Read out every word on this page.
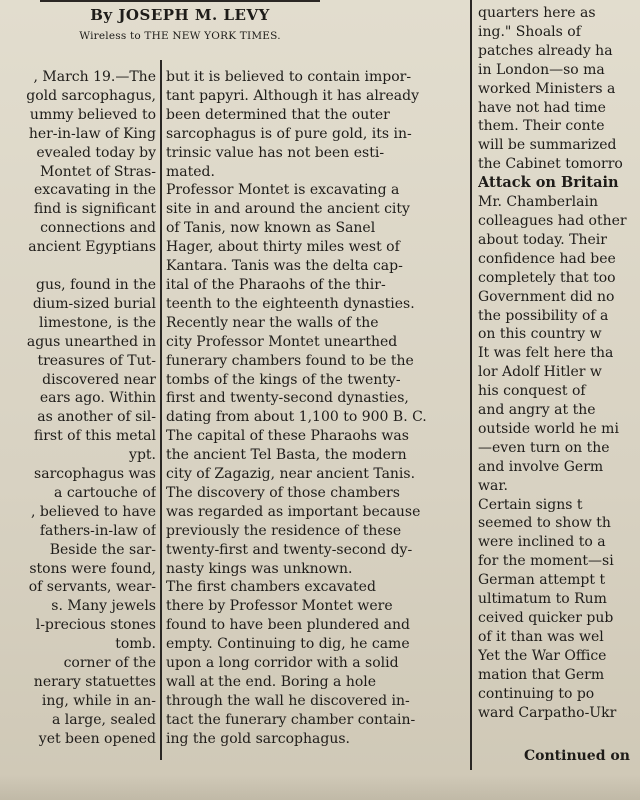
By JOSEPH M. LEVY
Wireless to THE NEW YORK TIMES.
, March 19.—The
gold sarcophagus,
ummy believed to
her-in-law of King
evealed today by
Montet of Stras-
excavating in the
find is significant
connections and
ancient Egyptians

gus, found in the
dium-sized burial
limestone, is the
agus unearthed in
treasures of Tut-
discovered near
ears ago. Within
as another of sil-
first of this metal
ypt.
sarcophagus was
a cartouche of
, believed to have
fathers-in-law of
Beside the sar-
stons were found,
of servants, wear-
s. Many jewels
l-precious stones
tomb.
corner of the
nerary statuettes
ing, while in an-
a large, sealed
yet been opened
but it is believed to contain impor-
tant papyri. Although it has already
been determined that the outer
sarcophagus is of pure gold, its in-
trinsic value has not been esti-
mated.
Professor Montet is excavating a
site in and around the ancient city
of Tanis, now known as Sanel
Hager, about thirty miles west of
Kantara. Tanis was the delta cap-
ital of the Pharaohs of the thir-
teenth to the eighteenth dynasties.
Recently near the walls of the
city Professor Montet unearthed
funerary chambers found to be the
tombs of the kings of the twenty-
first and twenty-second dynasties,
dating from about 1,100 to 900 B. C.
The capital of these Pharaohs was
the ancient Tel Basta, the modern
city of Zagazig, near ancient Tanis.
The discovery of those chambers
was regarded as important because
previously the residence of these
twenty-first and twenty-second dy-
nasty kings was unknown.
The first chambers excavated
there by Professor Montet were
found to have been plundered and
empty. Continuing to dig, he came
upon a long corridor with a solid
wall at the end. Boring a hole
through the wall he discovered in-
tact the funerary chamber contain-
ing the gold sarcophagus.
quarters here as
ing." Shoals of
patches already ha
in London—so ma
worked Ministers a
have not had time
them. Their conte
will be summarized
the Cabinet tomorro
Attack on Britain
Mr. Chamberlain
colleagues had other
about today. Their
confidence had bee
completely that too
Government did no
the possibility of a
on this country w
It was felt here tha
lor Adolf Hitler w
his conquest of
and angry at the
outside world he mi
—even turn on the
and involve Germ
war.
Certain signs t
seemed to show th
were inclined to a
for the moment—si
German attempt t
ultimatum to Rum
ceived quicker pub
of it than was wel
Yet the War Office
mation that Germ
continuing to po
ward Carpatho-Ukr
Continued on
